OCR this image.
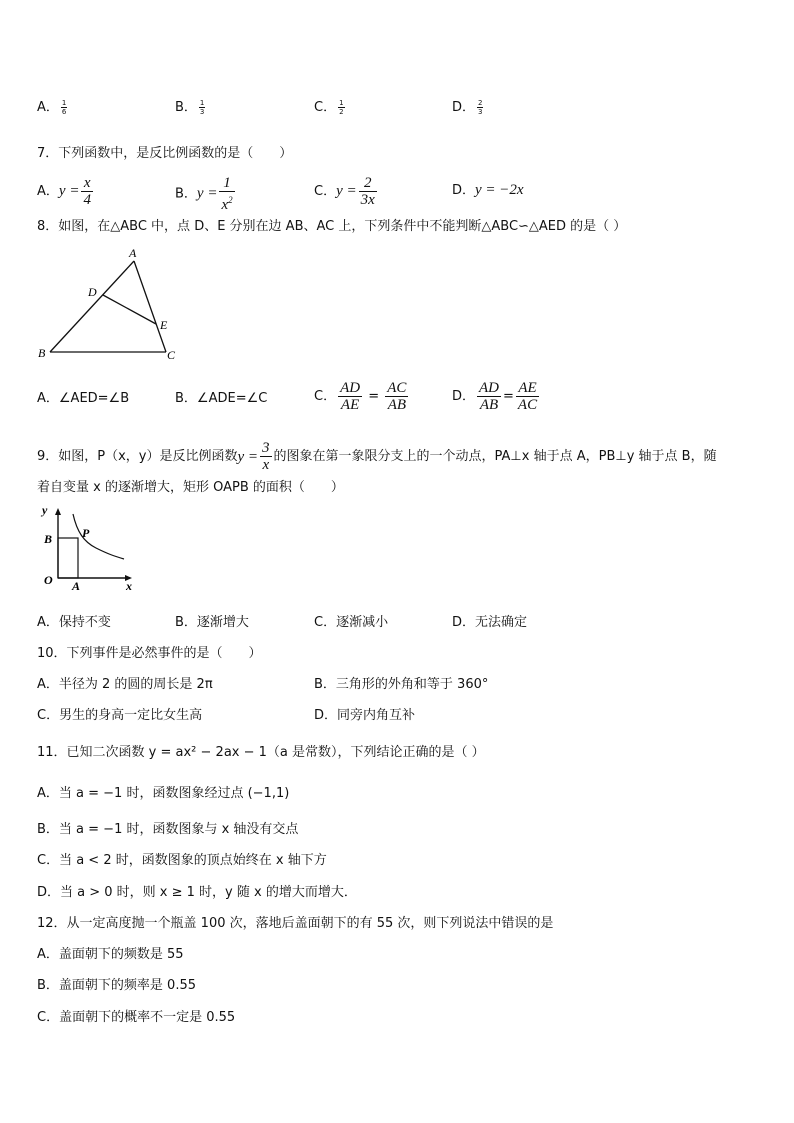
A． $\frac{1}{6}$	B． $\frac{1}{3}$	C． $\frac{1}{2}$	D． $\frac{2}{3}$
7．下列函数中，是反比例函数的是（　　）
A．$y = \frac{x}{4}$	B．$y = \frac{1}{x^2}$	C．$y = \frac{2}{3x}$	D．y = −2x
8．如图，在△ABC 中，点 D、E 分别在边 AB、AC 上，下列条件中不能判断△ABC∽△AED 的是（ ）
A
B	C
D
E
A．∠AED=∠B	B．∠ADE=∠C	C． $\frac{AD}{AE} = \frac{AC}{AB}$	D． $\frac{AD}{AB} = \frac{AE}{AC}$
9．如图，P（x，y）是反比例函数 $y = \frac{3}{x}$ 的图象在第一象限分支上的一个动点，PA⊥x 轴于点 A，PB⊥y 轴于点 B，随
着自变量 x 的逐渐增大，矩形 OAPB 的面积（　　）
y
x
O A
B P
A．保持不变	B．逐渐增大	C．逐渐减小	D．无法确定
10．下列事件是必然事件的是（　　）
A．半径为 2 的圆的周长是 2π	B．三角形的外角和等于 360°
C．男生的身高一定比女生高	D．同旁内角互补
11．已知二次函数 y = ax² − 2ax − 1（a 是常数），下列结论正确的是（ ）
A．当 a = −1 时，函数图象经过点 (−1,1)
B．当 a = −1 时，函数图象与 x 轴没有交点
C．当 a < 2 时，函数图象的顶点始终在 x 轴下方
D．当 a > 0 时，则 x ≥ 1 时，y 随 x 的增大而增大．
12．从一定高度抛一个瓶盖 100 次，落地后盖面朝下的有 55 次，则下列说法中错误的是
A．盖面朝下的频数是 55
B．盖面朝下的频率是 0.55
C．盖面朝下的概率不一定是 0.55
